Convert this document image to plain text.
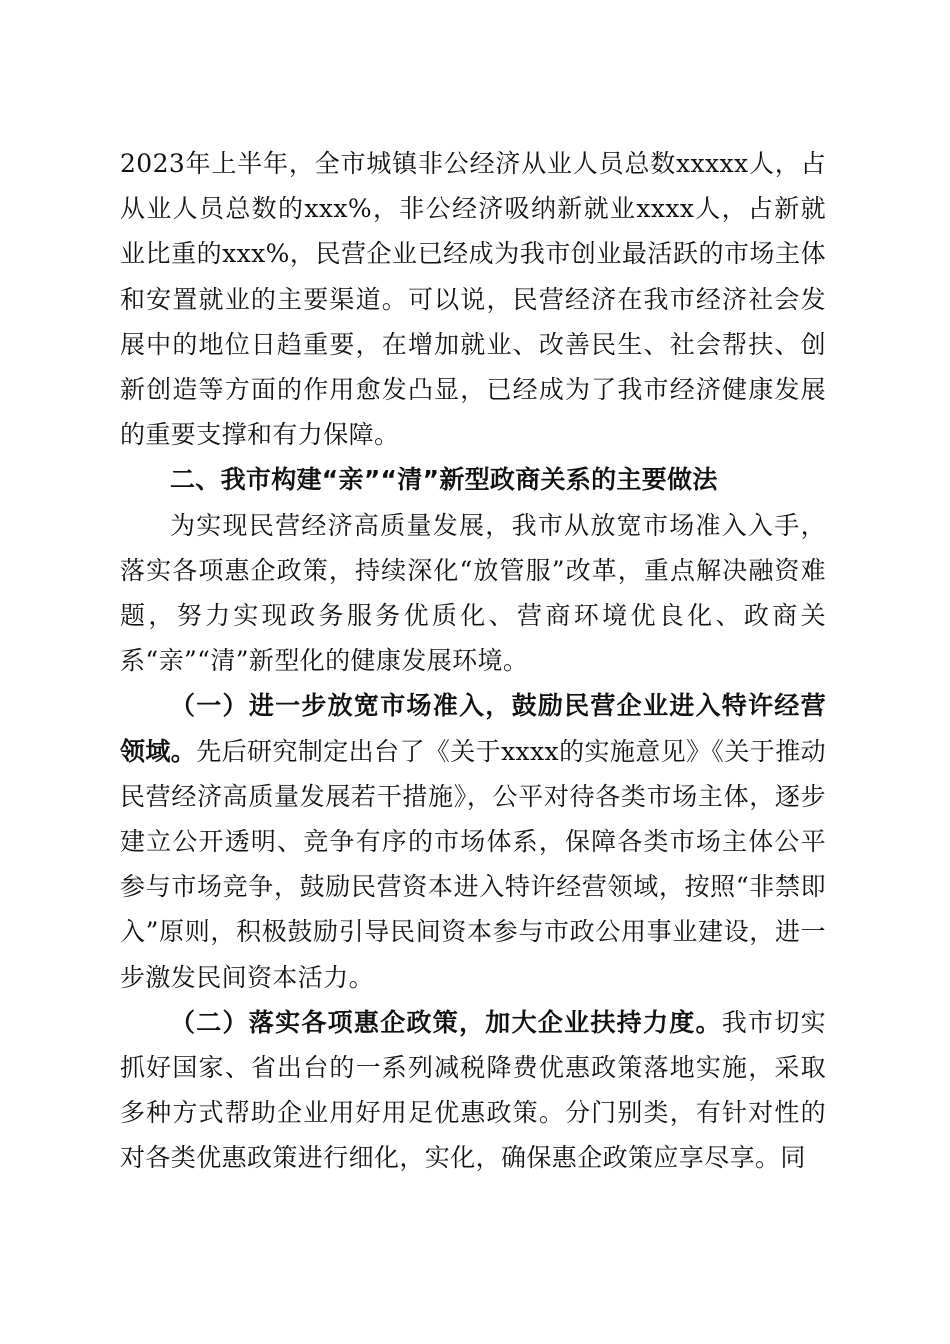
2023年上半年，全市城镇非公经济从业人员总数xxxxx人，占从业人员总数的xxx%，非公经济吸纳新就业xxxx人，占新就业比重的xxx%，民营企业已经成为我市创业最活跃的市场主体和安置就业的主要渠道。可以说，民营经济在我市经济社会发展中的地位日趋重要，在增加就业、改善民生、社会帮扶、创新创造等方面的作用愈发凸显，已经成为了我市经济健康发展的重要支撑和有力保障。

二、我市构建“亲”“清”新型政商关系的主要做法

为实现民营经济高质量发展，我市从放宽市场准入入手，落实各项惠企政策，持续深化“放管服”改革，重点解决融资难题，努力实现政务服务优质化、营商环境优良化、政商关系“亲”“清”新型化的健康发展环境。

（一）进一步放宽市场准入，鼓励民营企业进入特许经营领域。先后研究制定出台了《关于xxxx的实施意见》《关于推动民营经济高质量发展若干措施》，公平对待各类市场主体，逐步建立公开透明、竞争有序的市场体系，保障各类市场主体公平参与市场竞争，鼓励民营资本进入特许经营领域，按照“非禁即入”原则，积极鼓励引导民间资本参与市政公用事业建设，进一步激发民间资本活力。

（二）落实各项惠企政策，加大企业扶持力度。我市切实抓好国家、省出台的一系列减税降费优惠政策落地实施，采取多种方式帮助企业用好用足优惠政策。分门别类，有针对性的对各类优惠政策进行细化，实化，确保惠企政策应享尽享。同
